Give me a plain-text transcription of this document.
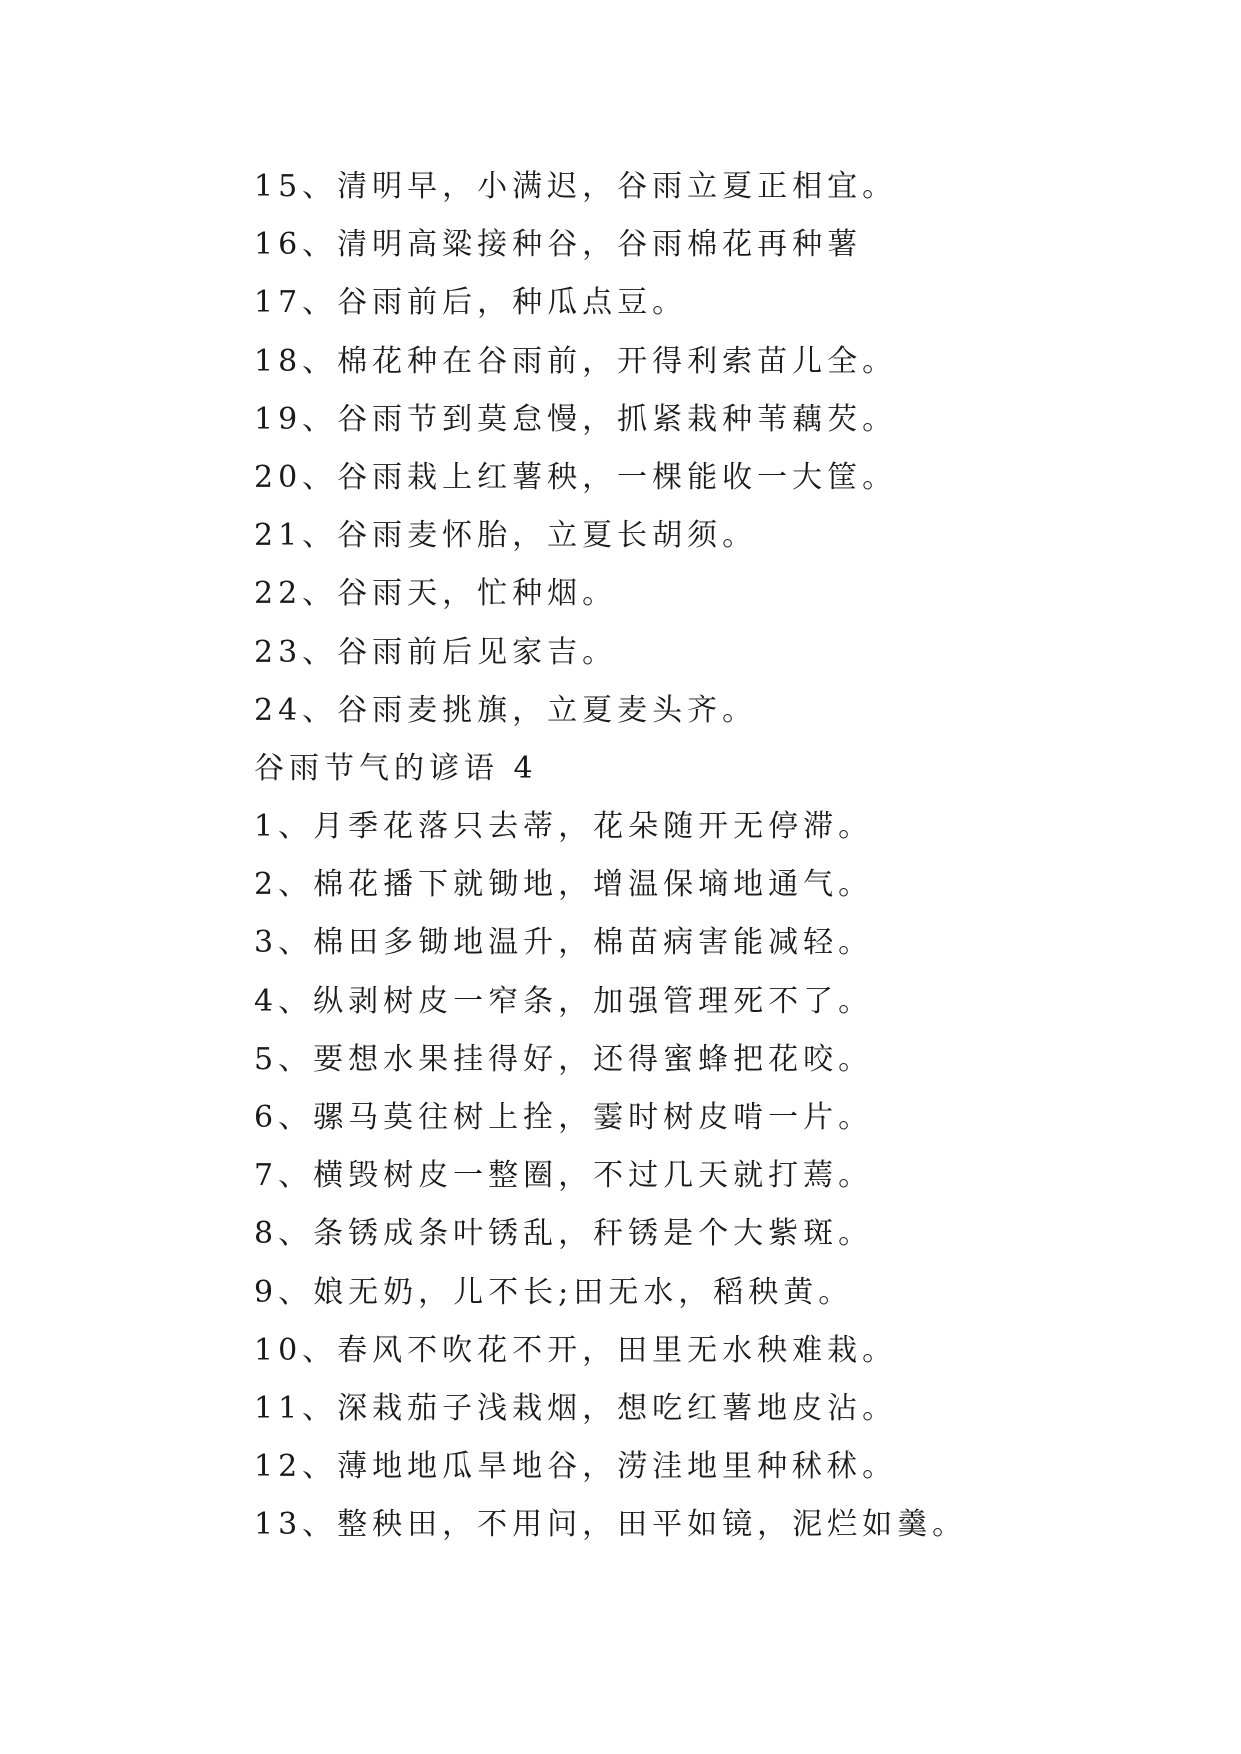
15、清明早，小满迟，谷雨立夏正相宜。
16、清明高粱接种谷，谷雨棉花再种薯
17、谷雨前后，种瓜点豆。
18、棉花种在谷雨前，开得利索苗儿全。
19、谷雨节到莫怠慢，抓紧栽种苇藕芡。
20、谷雨栽上红薯秧，一棵能收一大筐。
21、谷雨麦怀胎，立夏长胡须。
22、谷雨天，忙种烟。
23、谷雨前后见家吉。
24、谷雨麦挑旗，立夏麦头齐。
谷雨节气的谚语 4
1、月季花落只去蒂，花朵随开无停滞。
2、棉花播下就锄地，增温保墒地通气。
3、棉田多锄地温升，棉苗病害能减轻。
4、纵剥树皮一窄条，加强管理死不了。
5、要想水果挂得好，还得蜜蜂把花咬。
6、骡马莫往树上拴，霎时树皮啃一片。
7、横毁树皮一整圈，不过几天就打蔫。
8、条锈成条叶锈乱，秆锈是个大紫斑。
9、娘无奶，儿不长;田无水，稻秧黄。
10、春风不吹花不开，田里无水秧难栽。
11、深栽茄子浅栽烟，想吃红薯地皮沾。
12、薄地地瓜旱地谷，涝洼地里种秫秫。
13、整秧田，不用问，田平如镜，泥烂如羹。
